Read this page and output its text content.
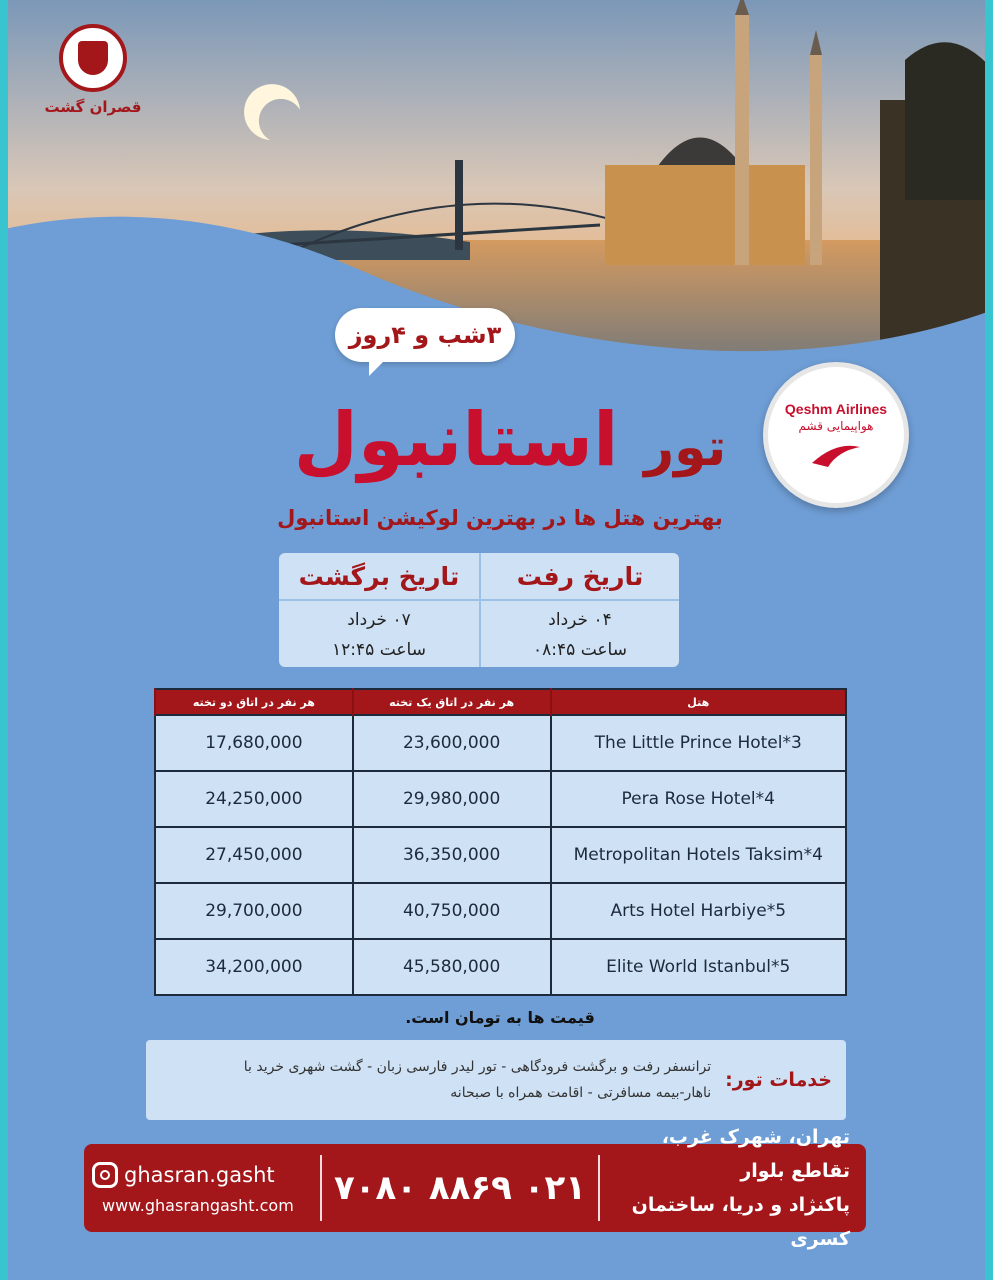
قصران گشت
۳شب و ۴روز
Qeshm Airlines
هواپیمایی قشم
تور استانبول
بهترین هتل ها در بهترین لوکیشن استانبول
تاریخ رفت
۰۴ خرداد
ساعت ۰۸:۴۵
تاریخ برگشت
۰۷ خرداد
ساعت ۱۲:۴۵
هتل	هر نفر در اتاق یک تخته	هر نفر در اتاق دو تخته
The Little Prince Hotel*3	23,600,000	17,680,000
Pera Rose Hotel*4	29,980,000	24,250,000
Metropolitan Hotels Taksim*4	36,350,000	27,450,000
Arts Hotel Harbiye*5	40,750,000	29,700,000
Elite World Istanbul*5	45,580,000	34,200,000
قیمت ها به تومان است.
خدمات تور:
ترانسفر رفت و برگشت فرودگاهی - تور لیدر فارسی زبان - گشت شهری خرید با
ناهار-بیمه مسافرتی - اقامت همراه با صبحانه
ghasran.gasht
www.ghasrangasht.com	۰۲۱ ۸۸۶۹ ۷۰۸۰
تهران، شهرک غرب، تقاطع بلوار
پاکنژاد و دریا، ساختمان کسری
